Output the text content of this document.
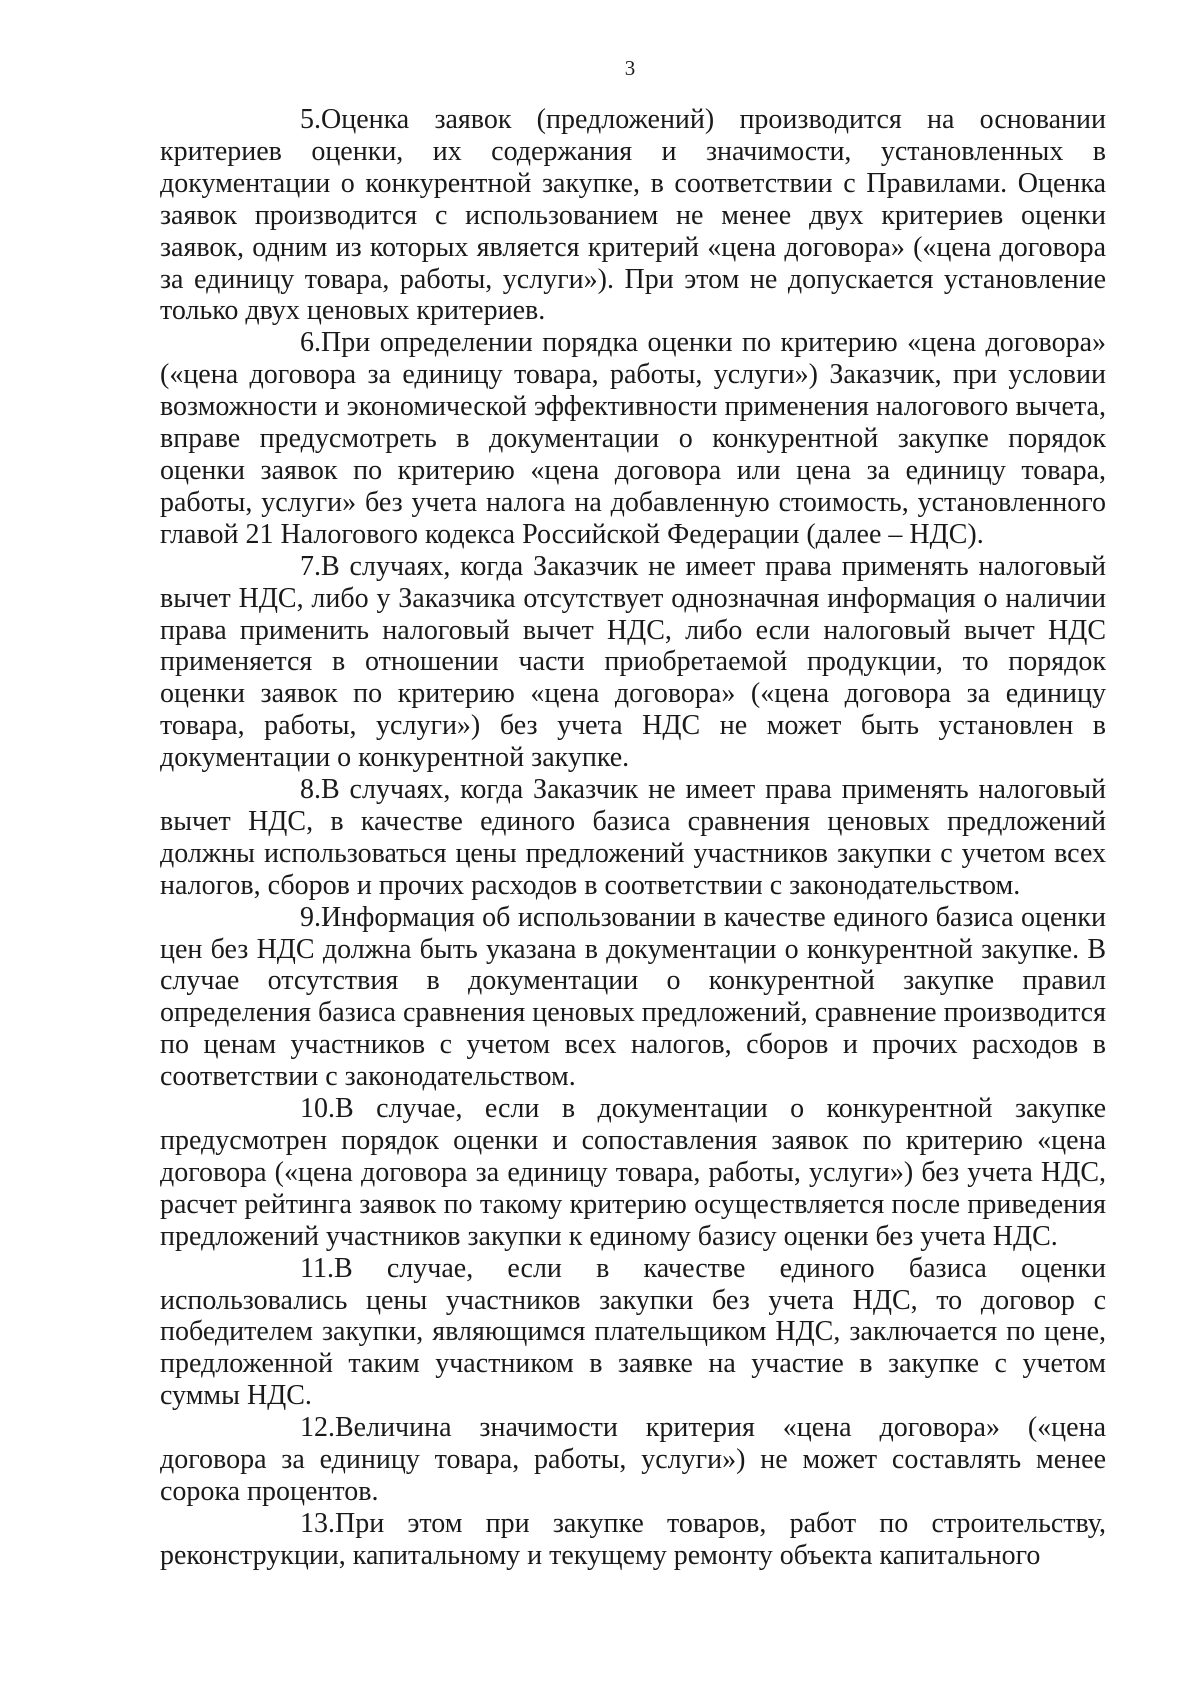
3

5.Оценка заявок (предложений) производится на основании критериев оценки, их содержания и значимости, установленных в документации о конкурентной закупке, в соответствии с Правилами. Оценка заявок производится с использованием не менее двух критериев оценки заявок, одним из которых является критерий «цена договора» («цена договора за единицу товара, работы, услуги»). При этом не допускается установление только двух ценовых критериев.

6.При определении порядка оценки по критерию «цена договора» («цена договора за единицу товара, работы, услуги») Заказчик, при условии возможности и экономической эффективности применения налогового вычета, вправе предусмотреть в документации о конкурентной закупке порядок оценки заявок по критерию «цена договора или цена за единицу товара, работы, услуги» без учета налога на добавленную стоимость, установленного главой 21 Налогового кодекса Российской Федерации (далее – НДС).

7.В случаях, когда Заказчик не имеет права применять налоговый вычет НДС, либо у Заказчика отсутствует однозначная информация о наличии права применить налоговый вычет НДС, либо если налоговый вычет НДС применяется в отношении части приобретаемой продукции, то порядок оценки заявок по критерию «цена договора» («цена договора за единицу товара, работы, услуги») без учета НДС не может быть установлен в документации о конкурентной закупке.

8.В случаях, когда Заказчик не имеет права применять налоговый вычет НДС, в качестве единого базиса сравнения ценовых предложений должны использоваться цены предложений участников закупки с учетом всех налогов, сборов и прочих расходов в соответствии с законодательством.

9.Информация об использовании в качестве единого базиса оценки цен без НДС должна быть указана в документации о конкурентной закупке. В случае отсутствия в документации о конкурентной закупке правил определения базиса сравнения ценовых предложений, сравнение производится по ценам участников с учетом всех налогов, сборов и прочих расходов в соответствии с законодательством.

10.В случае, если в документации о конкурентной закупке предусмотрен порядок оценки и сопоставления заявок по критерию «цена договора («цена договора за единицу товара, работы, услуги») без учета НДС, расчет рейтинга заявок по такому критерию осуществляется после приведения предложений участников закупки к единому базису оценки без учета НДС.

11.В случае, если в качестве единого базиса оценки использовались цены участников закупки без учета НДС, то договор с победителем закупки, являющимся плательщиком НДС, заключается по цене, предложенной таким участником в заявке на участие в закупке с учетом суммы НДС.

12.Величина значимости критерия «цена договора» («цена договора за единицу товара, работы, услуги») не может составлять менее сорока процентов.

13.При этом при закупке товаров, работ по строительству, реконструкции, капитальному и текущему ремонту объекта капитального
